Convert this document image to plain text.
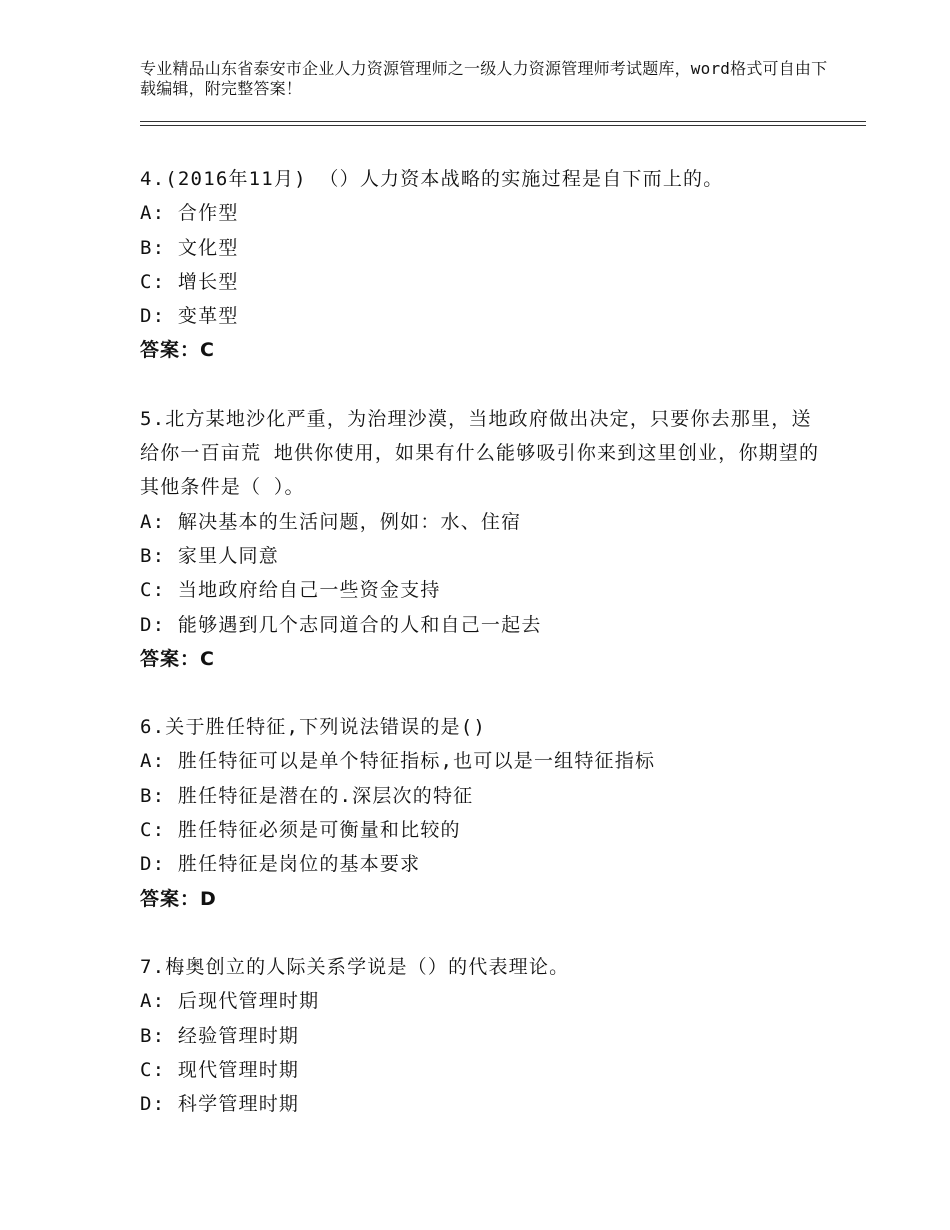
专业精品山东省泰安市企业人力资源管理师之一级人力资源管理师考试题库，word格式可自由下载编辑，附完整答案！
4.(2016年11月) （）人力资本战略的实施过程是自下而上的。
A: 合作型
B: 文化型
C: 增长型
D: 变革型
答案：C
5.北方某地沙化严重，为治理沙漠，当地政府做出决定，只要你去那里，送给你一百亩荒 地供你使用，如果有什么能够吸引你来到这里创业，你期望的其他条件是（ ）。
A: 解决基本的生活问题，例如：水、住宿
B: 家里人同意
C: 当地政府给自己一些资金支持
D: 能够遇到几个志同道合的人和自己一起去
答案：C
6.关于胜任特征,下列说法错误的是()
A: 胜任特征可以是单个特征指标,也可以是一组特征指标
B: 胜任特征是潜在的.深层次的特征
C: 胜任特征必须是可衡量和比较的
D: 胜任特征是岗位的基本要求
答案：D
7.梅奥创立的人际关系学说是（）的代表理论。
A: 后现代管理时期
B: 经验管理时期
C: 现代管理时期
D: 科学管理时期
